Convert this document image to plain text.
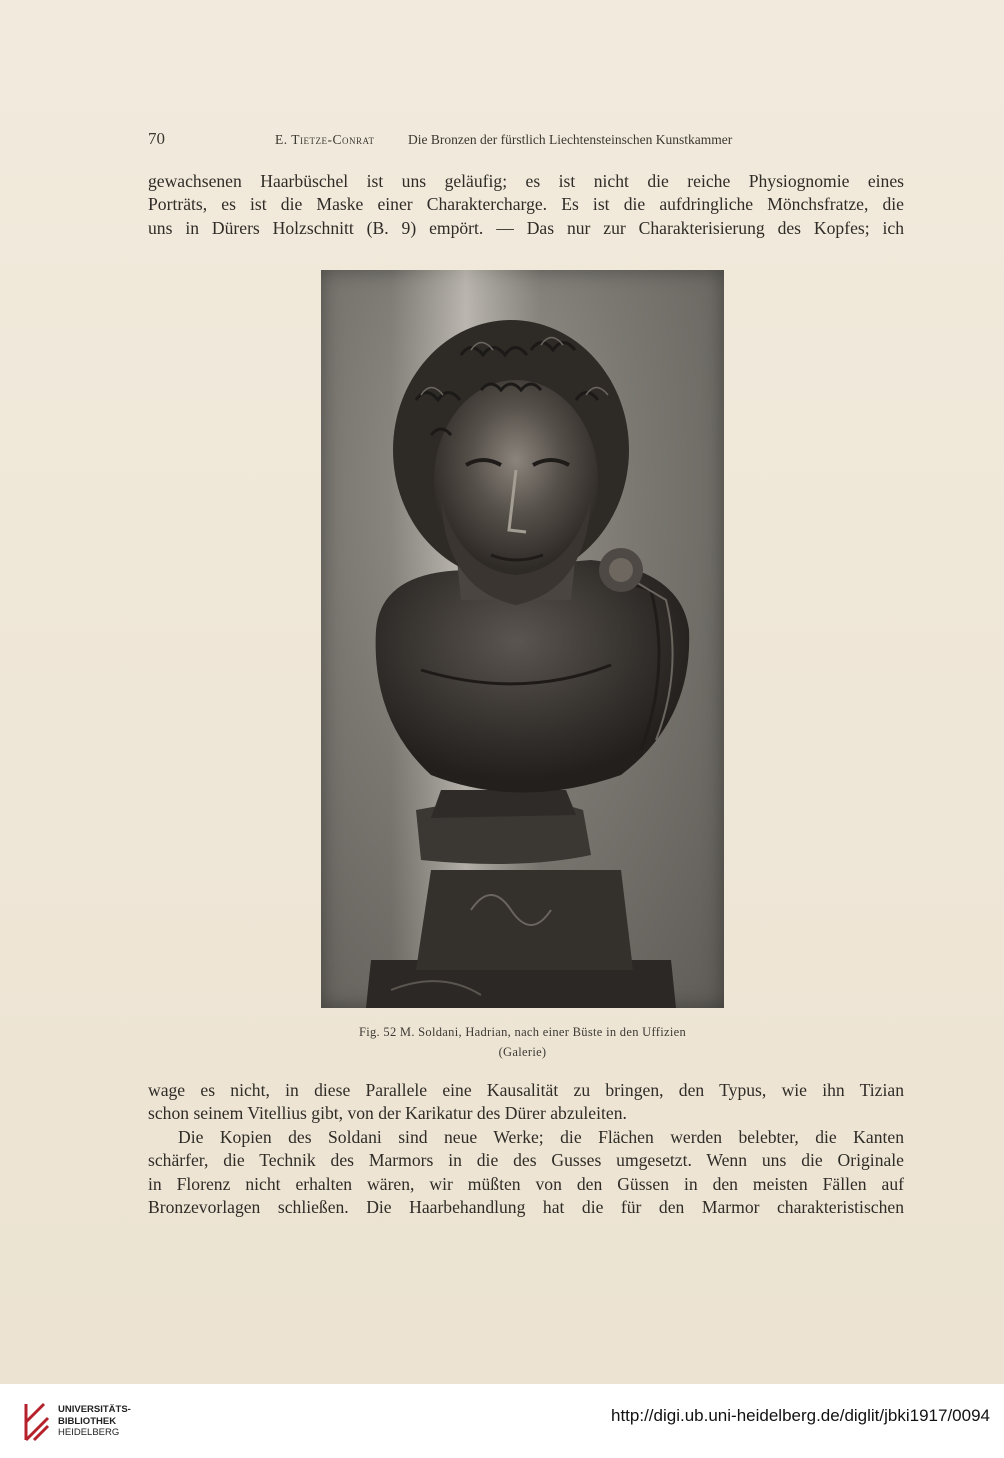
70	E. Tietze-Conrat Die Bronzen der fürstlich Liechtensteinschen Kunstkammer

gewachsenen Haarbüschel ist uns geläufig; es ist nicht die reiche Physiognomie eines
Porträts, es ist die Maske einer Charaktercharge. Es ist die aufdringliche Mönchsfratze, die
uns in Dürers Holzschnitt (B. 9) empört. — Das nur zur Charakterisierung des Kopfes; ich

Fig. 52 M. Soldani, Hadrian, nach einer Büste in den Uffizien
(Galerie)

wage es nicht, in diese Parallele eine Kausalität zu bringen, den Typus, wie ihn Tizian
schon seinem Vitellius gibt, von der Karikatur des Dürer abzuleiten.

Die Kopien des Soldani sind neue Werke; die Flächen werden belebter, die Kanten
schärfer, die Technik des Marmors in die des Gusses umgesetzt. Wenn uns die Originale
in Florenz nicht erhalten wären, wir müßten von den Güssen in den meisten Fällen auf
Bronzevorlagen schließen. Die Haarbehandlung hat die für den Marmor charakteristischen

UNIVERSITÄTS-
BIBLIOTHEK
HEIDELBERG
http://digi.ub.uni-heidelberg.de/diglit/jbki1917/0094
